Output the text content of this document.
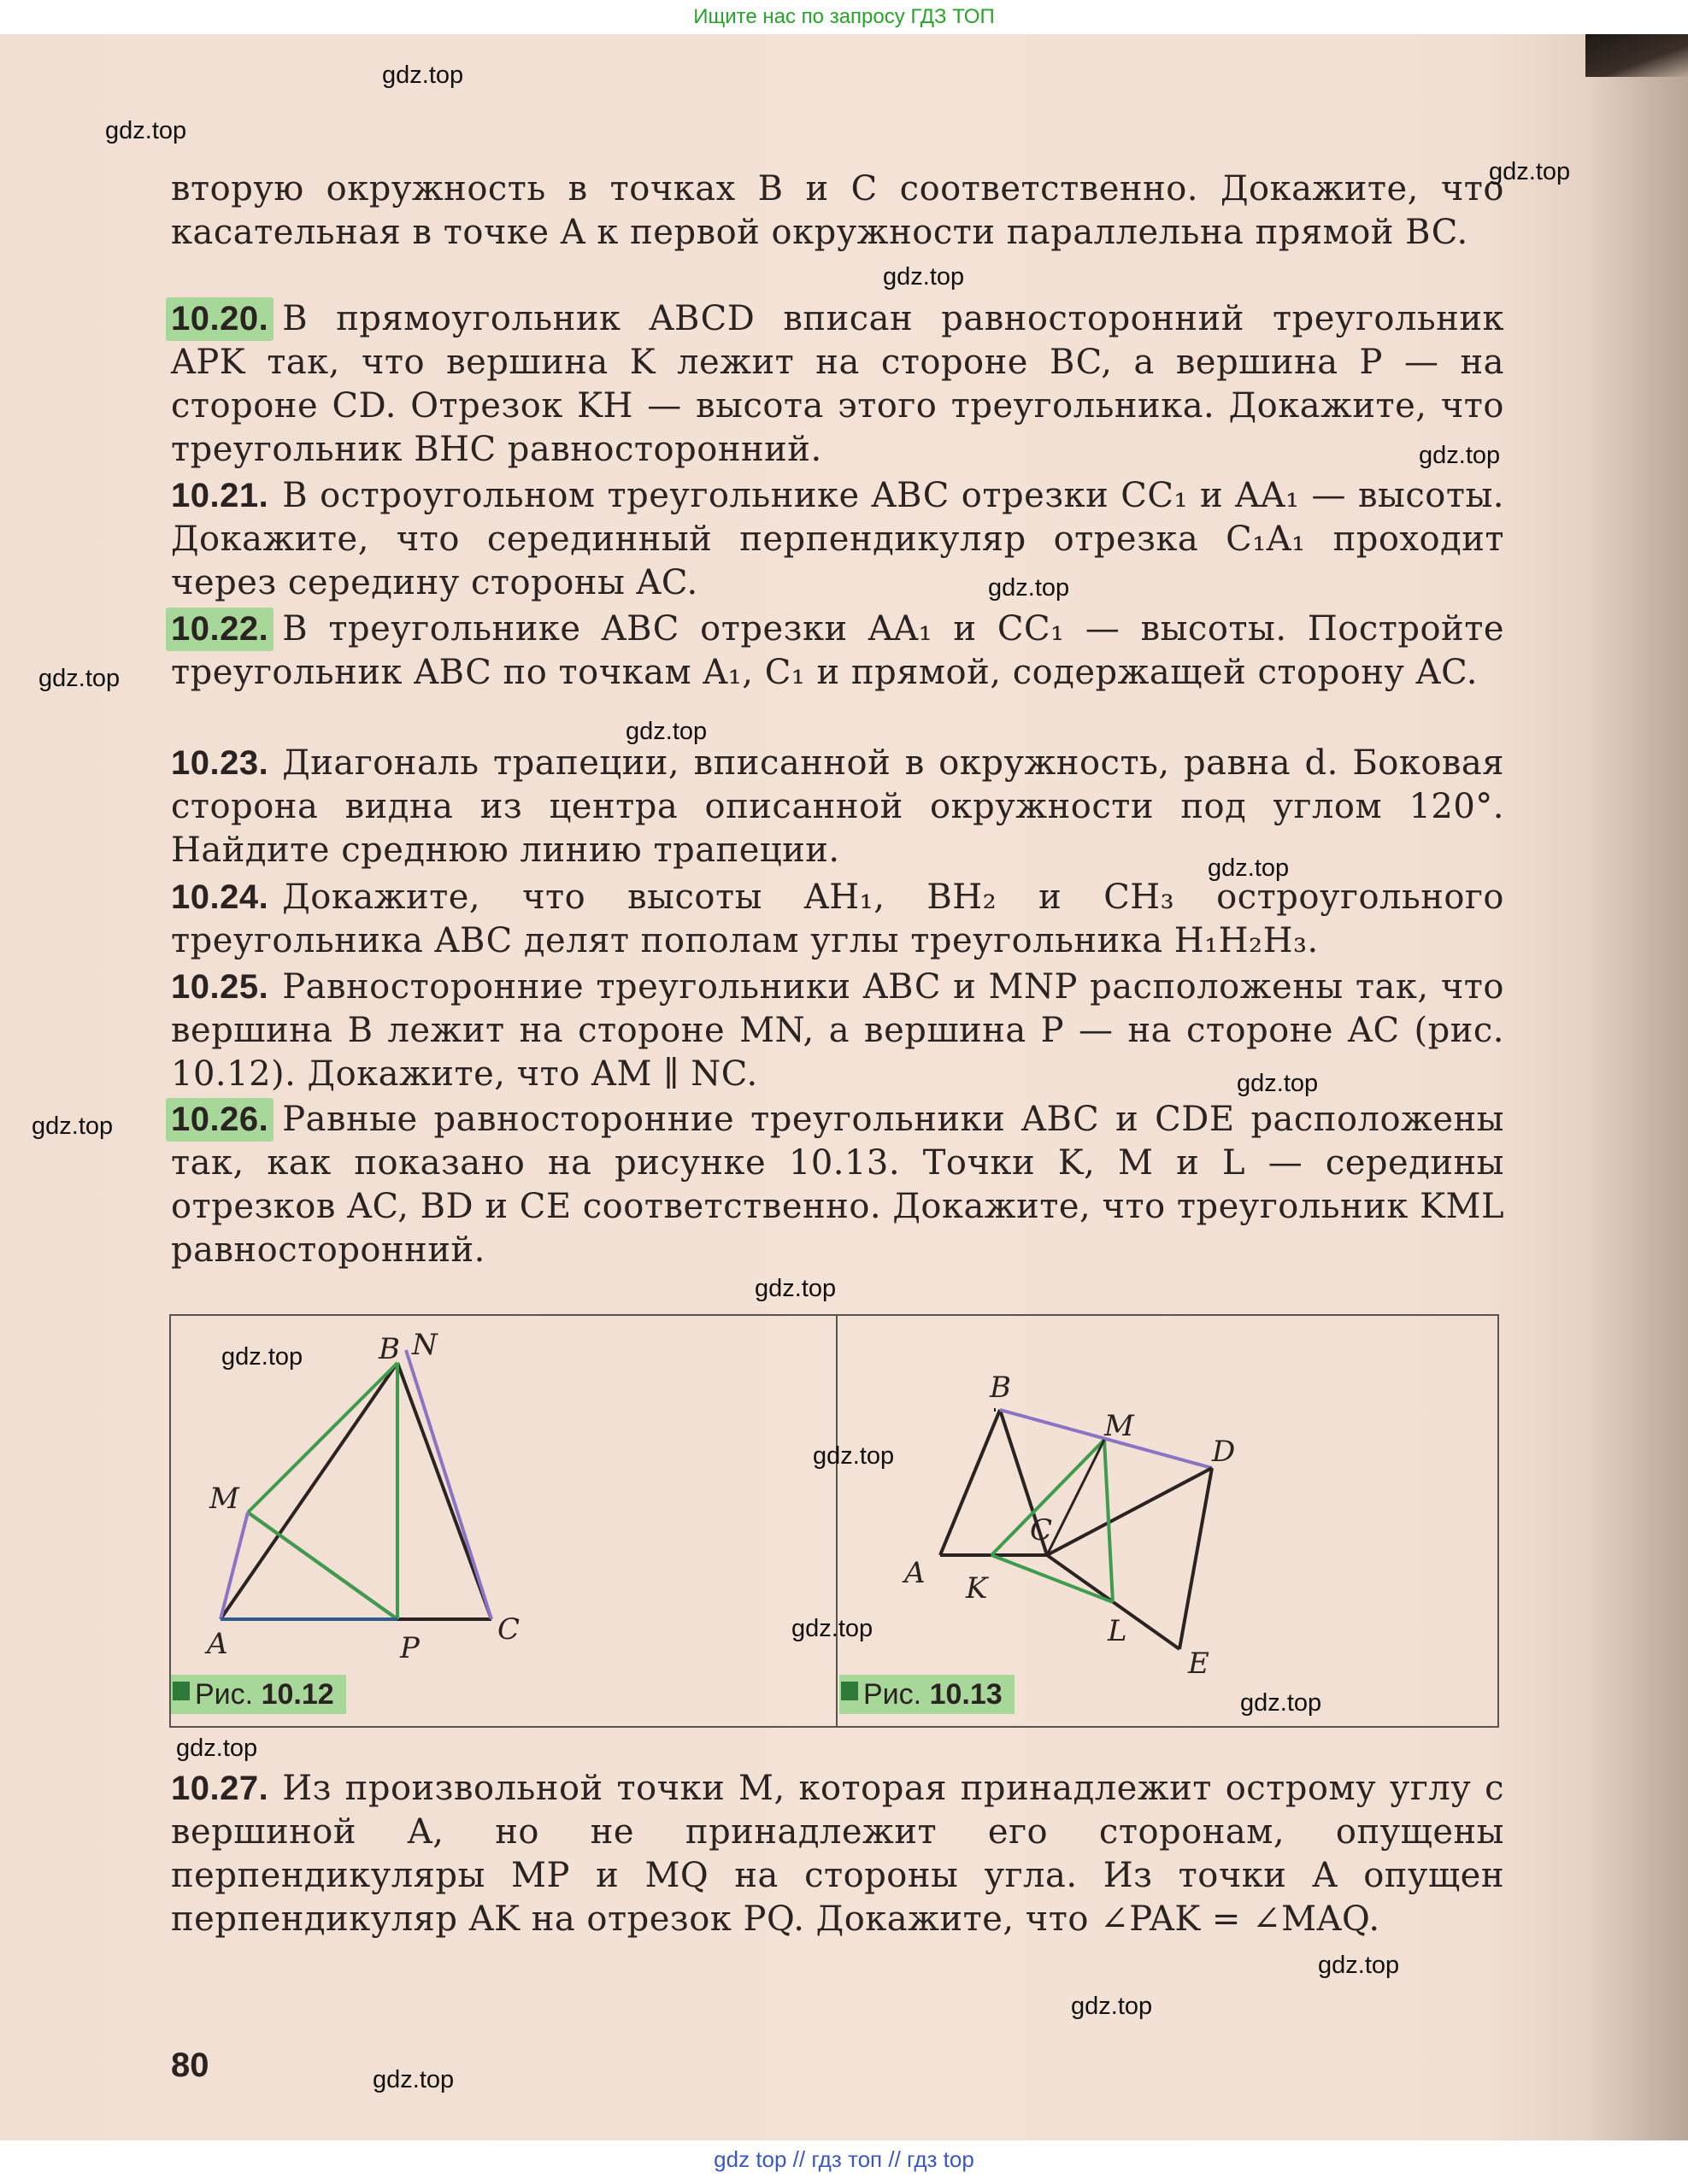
Ищите нас по запросу ГДЗ ТОП
вторую окружность в точках B и C соответственно. Докажите, что касательная в точке A к первой окружности параллельна прямой BC.
10.20. В прямоугольник ABCD вписан равносторонний треугольник APK так, что вершина K лежит на стороне BC, а вершина P — на стороне CD. Отрезок KH — высота этого треугольника. Докажите, что треугольник BHC равносторонний.
10.21. В остроугольном треугольнике ABC отрезки CC₁ и AA₁ — высоты. Докажите, что серединный перпендикуляр отрезка C₁A₁ проходит через середину стороны AC.
10.22. В треугольнике ABC отрезки AA₁ и CC₁ — высоты. Постройте треугольник ABC по точкам A₁, C₁ и прямой, содержащей сторону AC.
10.23. Диагональ трапеции, вписанной в окружность, равна d. Боковая сторона видна из центра описанной окружности под углом 120°. Найдите среднюю линию трапеции.
10.24. Докажите, что высоты AH₁, BH₂ и CH₃ остроугольного треугольника ABC делят пополам углы треугольника H₁H₂H₃.
10.25. Равносторонние треугольники ABC и MNP расположены так, что вершина B лежит на стороне MN, а вершина P — на стороне AC (рис. 10.12). Докажите, что AM ∥ NC.
10.26. Равные равносторонние треугольники ABC и CDE расположены так, как показано на рисунке 10.13. Точки K, M и L — середины отрезков AC, BD и CE соответственно. Докажите, что треугольник KML равносторонний.
B N
M
A	P
C
B
M
D
A
C
K
L
E
Рис. 10.12	Рис. 10.13
10.27. Из произвольной точки M, которая принадлежит острому углу с вершиной A, но не принадлежит его сторонам, опущены перпендикуляры MP и MQ на стороны угла. Из точки A опущен перпендикуляр AK на отрезок PQ. Докажите, что ∠PAK = ∠MAQ.
80
gdz.top
gdz.top
gdz.top
gdz.top
gdz.top
gdz.top
gdz.top
gdz.top
gdz.top
gdz.top
gdz.top
gdz.top
gdz.top
gdz.top
gdz.top
gdz.top
gdz.top
gdz.top
gdz.top
gdz.top
gdz top // гдз топ // гдз top
